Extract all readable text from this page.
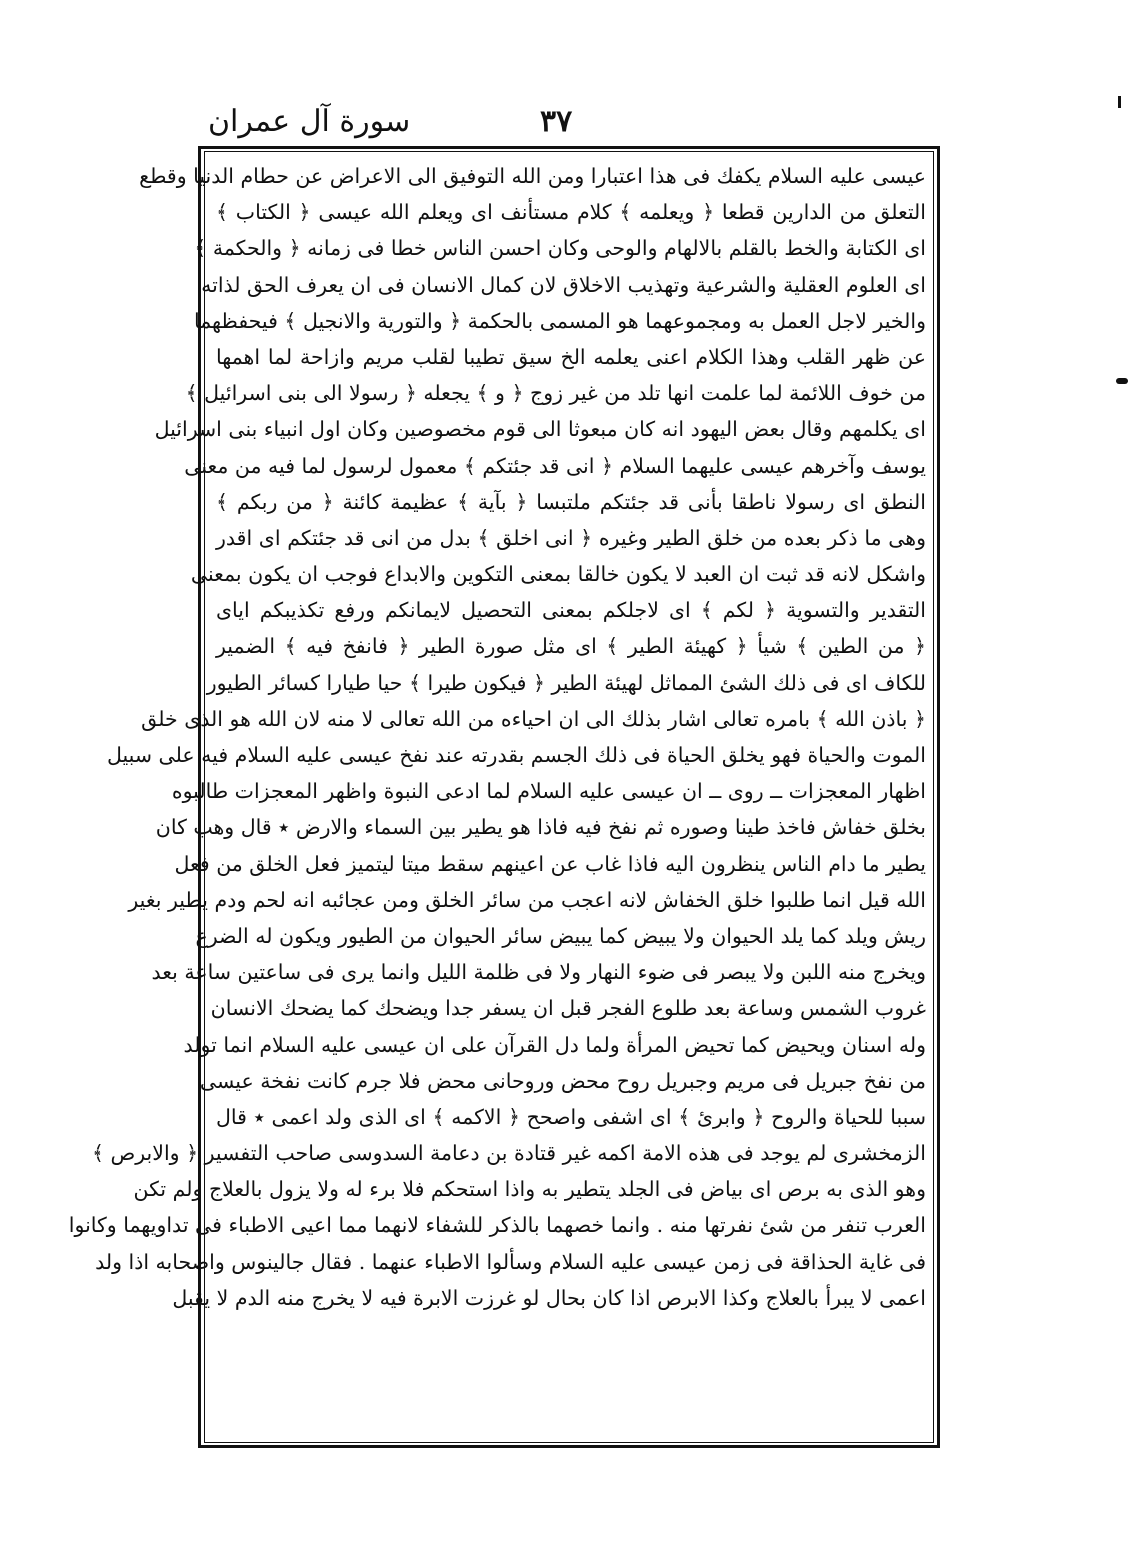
سورة آل عمران	۳۷
عيسى عليه السلام يكفك فى هذا اعتبارا ومن الله التوفيق الى الاعراض عن حطام الدنيا وقطع
التعلق من الدارين قطعا ﴿ ويعلمه ﴾ كلام مستأنف اى ويعلم الله عيسى ﴿ الكتاب ﴾
اى الكتابة والخط بالقلم بالالهام والوحى وكان احسن الناس خطا فى زمانه ﴿ والحكمة ﴾
اى العلوم العقلية والشرعية وتهذيب الاخلاق لان كمال الانسان فى ان يعرف الحق لذاته
والخير لاجل العمل به ومجموعهما هو المسمى بالحكمة ﴿ والتورية والانجيل ﴾ فيحفظهما
عن ظهر القلب وهذا الكلام اعنى يعلمه الخ سيق تطيبا لقلب مريم وازاحة لما اهمها
من خوف اللائمة لما علمت انها تلد من غير زوج ﴿ و ﴾ يجعله ﴿ رسولا الى بنى اسرائيل ﴾
اى يكلمهم وقال بعض اليهود انه كان مبعوثا الى قوم مخصوصين وكان اول انبياء بنى اسرائيل
يوسف وآخرهم عيسى عليهما السلام ﴿ انى قد جئتكم ﴾ معمول لرسول لما فيه من معنى
النطق اى رسولا ناطقا بأنى قد جئتكم ملتبسا ﴿ بآية ﴾ عظيمة كائنة ﴿ من ربكم ﴾
وهى ما ذكر بعده من خلق الطير وغيره ﴿ انى اخلق ﴾ بدل من انى قد جئتكم اى اقدر
واشكل لانه قد ثبت ان العبد لا يكون خالقا بمعنى التكوين والابداع فوجب ان يكون بمعنى
التقدير والتسوية ﴿ لكم ﴾ اى لاجلكم بمعنى التحصيل لايمانكم ورفع تكذيبكم اياى
﴿ من الطين ﴾ شيأ ﴿ كهيئة الطير ﴾ اى مثل صورة الطير ﴿ فانفخ فيه ﴾ الضمير
للكاف اى فى ذلك الشئ المماثل لهيئة الطير ﴿ فيكون طيرا ﴾ حيا طيارا كسائر الطيور
﴿ باذن الله ﴾ بامره تعالى اشار بذلك الى ان احياءه من الله تعالى لا منه لان الله هو الذى خلق
الموت والحياة فهو يخلق الحياة فى ذلك الجسم بقدرته عند نفخ عيسى عليه السلام فيه على سبيل
اظهار المعجزات ــ روى ــ ان عيسى عليه السلام لما ادعى النبوة واظهر المعجزات طالبوه
بخلق خفاش فاخذ طينا وصوره ثم نفخ فيه فاذا هو يطير بين السماء والارض ٭ قال وهب كان
يطير ما دام الناس ينظرون اليه فاذا غاب عن اعينهم سقط ميتا ليتميز فعل الخلق من فعل
الله قيل انما طلبوا خلق الخفاش لانه اعجب من سائر الخلق ومن عجائبه انه لحم ودم يطير بغير
ريش ويلد كما يلد الحيوان ولا يبيض كما يبيض سائر الحيوان من الطيور ويكون له الضرع
ويخرج منه اللبن ولا يبصر فى ضوء النهار ولا فى ظلمة الليل وانما يرى فى ساعتين ساعة بعد
غروب الشمس وساعة بعد طلوع الفجر قبل ان يسفر جدا ويضحك كما يضحك الانسان
وله اسنان ويحيض كما تحيض المرأة ولما دل القرآن على ان عيسى عليه السلام انما تولد
من نفخ جبريل فى مريم وجبريل روح محض وروحانى محض فلا جرم كانت نفخة عيسى
سببا للحياة والروح ﴿ وابرئ ﴾ اى اشفى واصحح ﴿ الاكمه ﴾ اى الذى ولد اعمى ٭ قال
الزمخشرى لم يوجد فى هذه الامة اكمه غير قتادة بن دعامة السدوسى صاحب التفسير ﴿ والابرص ﴾
وهو الذى به برص اى بياض فى الجلد يتطير به واذا استحكم فلا برء له ولا يزول بالعلاج ولم تكن
العرب تنفر من شئ نفرتها منه . وانما خصهما بالذكر للشفاء لانهما مما اعيى الاطباء فى تداويهما وكانوا
فى غاية الحذاقة فى زمن عيسى عليه السلام وسألوا الاطباء عنهما . فقال جالينوس واصحابه اذا ولد
اعمى لا يبرأ بالعلاج وكذا الابرص اذا كان بحال لو غرزت الابرة فيه لا يخرج منه الدم لا يقبل
